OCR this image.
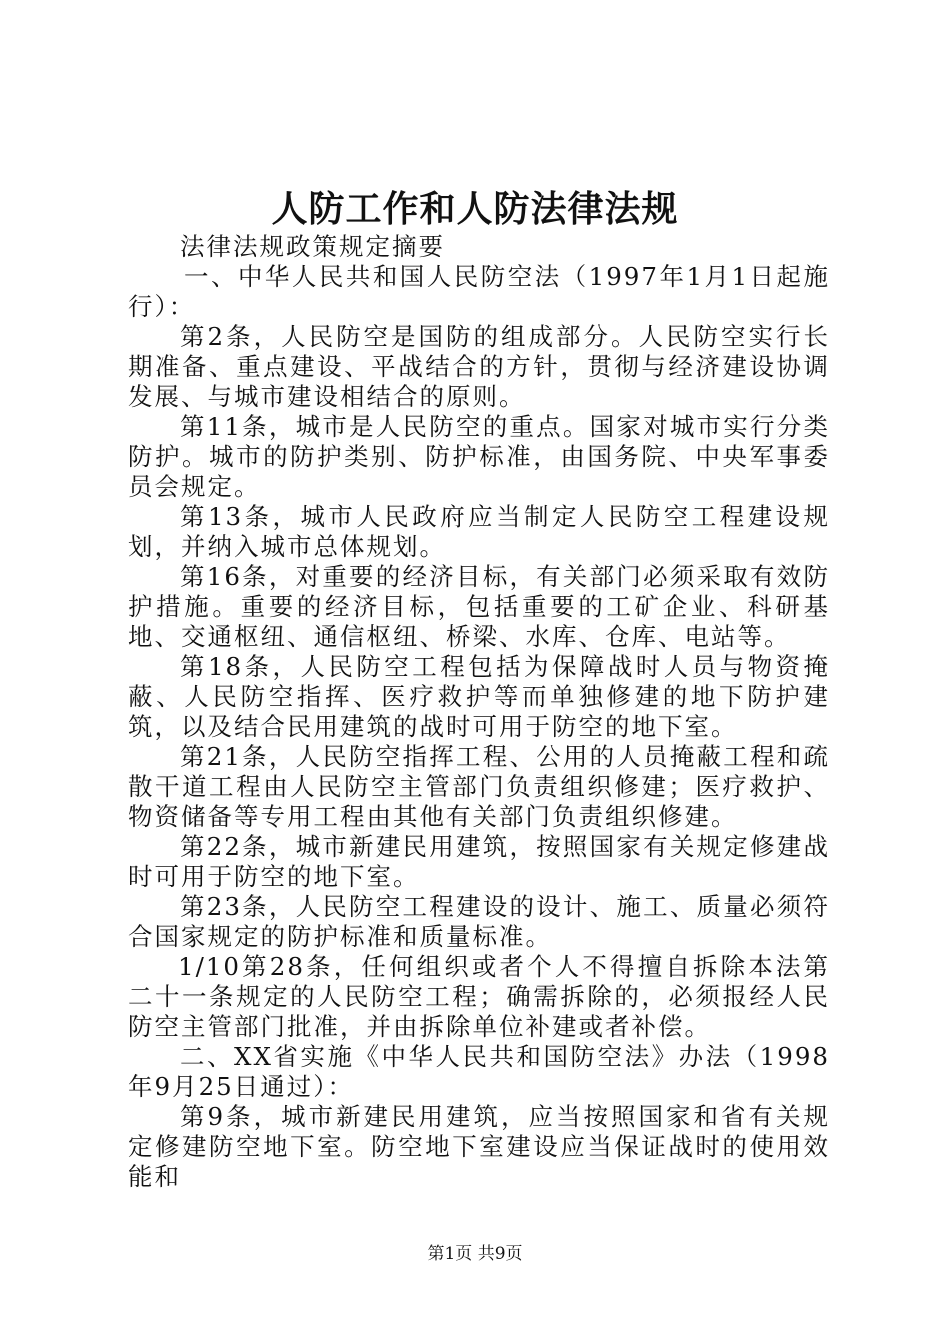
人防工作和人防法律法规

法律法规政策规定摘要

一、中华人民共和国人民防空法（1997年1月1日起施行）：

第2条，人民防空是国防的组成部分。人民防空实行长期准备、重点建设、平战结合的方针，贯彻与经济建设协调发展、与城市建设相结合的原则。

第11条，城市是人民防空的重点。国家对城市实行分类防护。城市的防护类别、防护标准，由国务院、中央军事委员会规定。

第13条，城市人民政府应当制定人民防空工程建设规划，并纳入城市总体规划。

第16条，对重要的经济目标，有关部门必须采取有效防护措施。重要的经济目标，包括重要的工矿企业、科研基地、交通枢纽、通信枢纽、桥梁、水库、仓库、电站等。

第18条，人民防空工程包括为保障战时人员与物资掩蔽、人民防空指挥、医疗救护等而单独修建的地下防护建筑，以及结合民用建筑的战时可用于防空的地下室。

第21条，人民防空指挥工程、公用的人员掩蔽工程和疏散干道工程由人民防空主管部门负责组织修建；医疗救护、物资储备等专用工程由其他有关部门负责组织修建。

第22条，城市新建民用建筑，按照国家有关规定修建战时可用于防空的地下室。

第23条，人民防空工程建设的设计、施工、质量必须符合国家规定的防护标准和质量标准。

1/10第28条，任何组织或者个人不得擅自拆除本法第二十一条规定的人民防空工程；确需拆除的，必须报经人民防空主管部门批准，并由拆除单位补建或者补偿。

二、XX省实施《中华人民共和国防空法》办法（1998年9月25日通过）：

第9条，城市新建民用建筑，应当按照国家和省有关规定修建防空地下室。防空地下室建设应当保证战时的使用效能和

第1页 共9页
